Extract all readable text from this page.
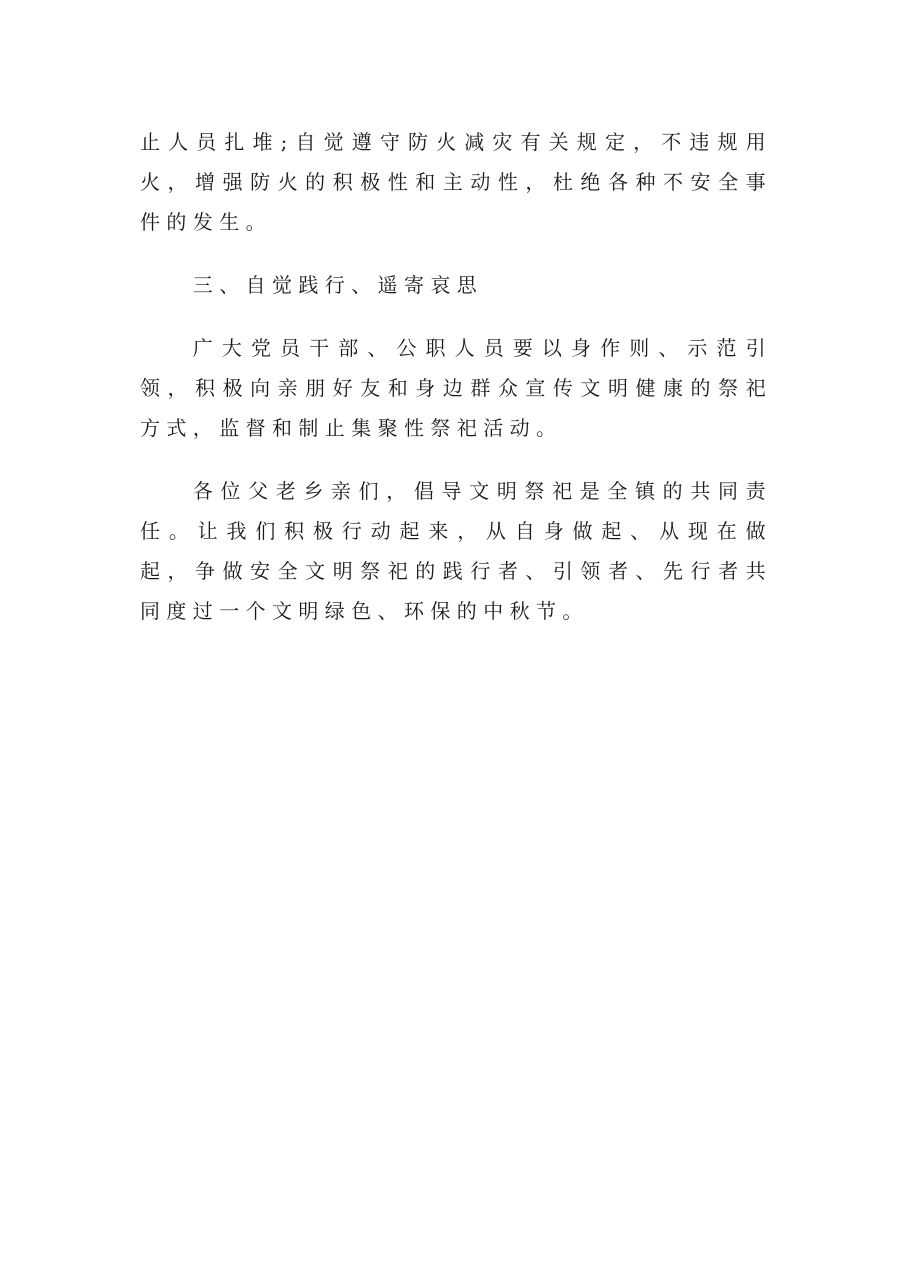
止人员扎堆;自觉遵守防火减灾有关规定，不违规用火，增强防火的积极性和主动性，杜绝各种不安全事件的发生。

三、自觉践行、遥寄哀思

广大党员干部、公职人员要以身作则、示范引领，积极向亲朋好友和身边群众宣传文明健康的祭祀方式，监督和制止集聚性祭祀活动。

各位父老乡亲们，倡导文明祭祀是全镇的共同责任。让我们积极行动起来，从自身做起、从现在做起，争做安全文明祭祀的践行者、引领者、先行者共同度过一个文明绿色、环保的中秋节。
